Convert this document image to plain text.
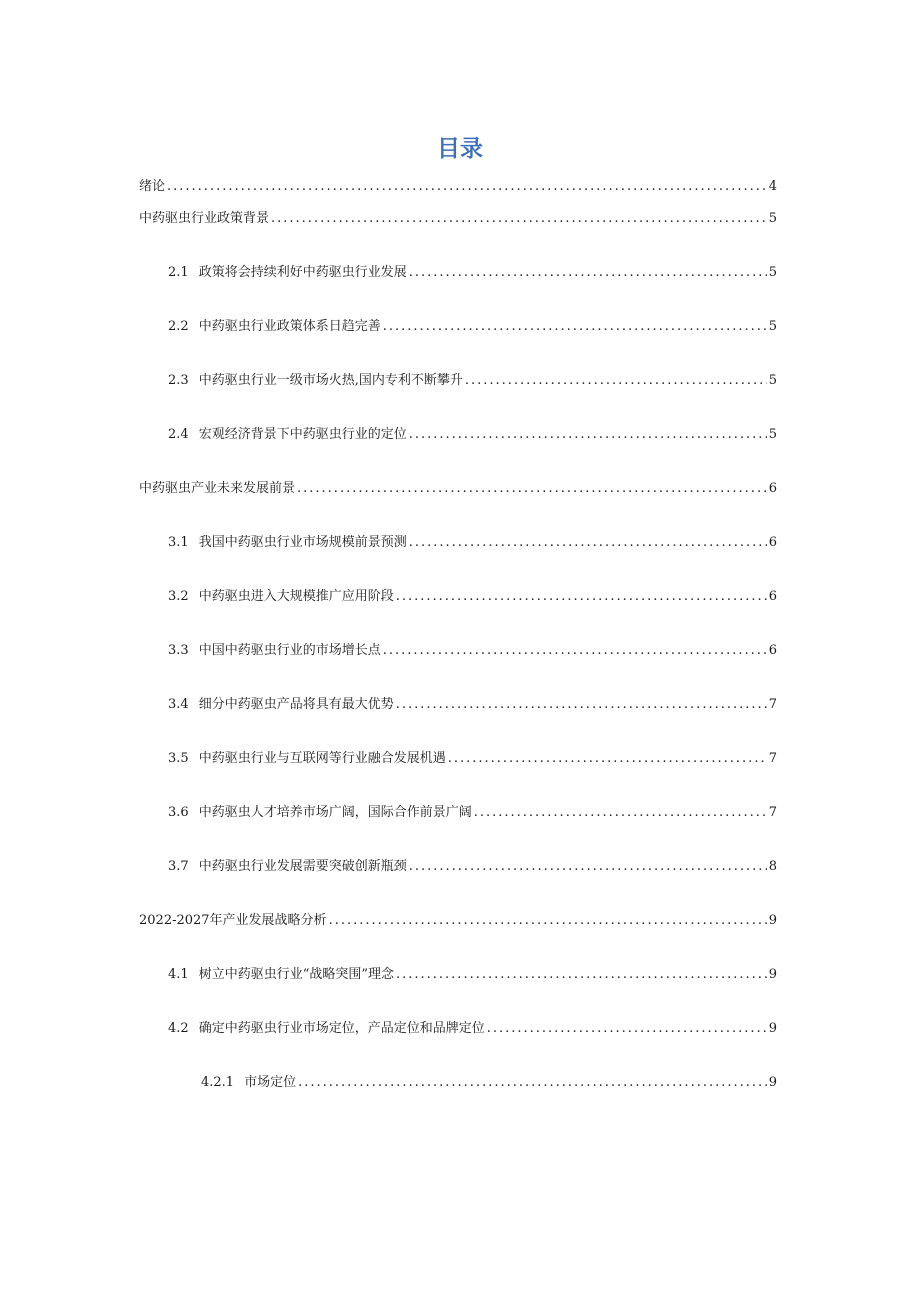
目录
绪论 .....	4
中药驱虫行业政策背景 .....	5
2.1 政策将会持续利好中药驱虫行业发展 .....	5
2.2 中药驱虫行业政策体系日趋完善 .....	5
2.3 中药驱虫行业一级市场火热,国内专利不断攀升 .....	5
2.4 宏观经济背景下中药驱虫行业的定位 .....	5
中药驱虫产业未来发展前景 .....	6
3.1 我国中药驱虫行业市场规模前景预测 .....	6
3.2 中药驱虫进入大规模推广应用阶段 .....	6
3.3 中国中药驱虫行业的市场增长点 .....	6
3.4 细分中药驱虫产品将具有最大优势 .....	7
3.5 中药驱虫行业与互联网等行业融合发展机遇 .....	7
3.6 中药驱虫人才培养市场广阔，国际合作前景广阔 .....	7
3.7 中药驱虫行业发展需要突破创新瓶颈 .....	8
2022-2027年产业发展战略分析 .....	9
4.1 树立中药驱虫行业“战略突围”理念 .....	9
4.2 确定中药驱虫行业市场定位，产品定位和品牌定位 .....	9
4.2.1 市场定位 .....	9
